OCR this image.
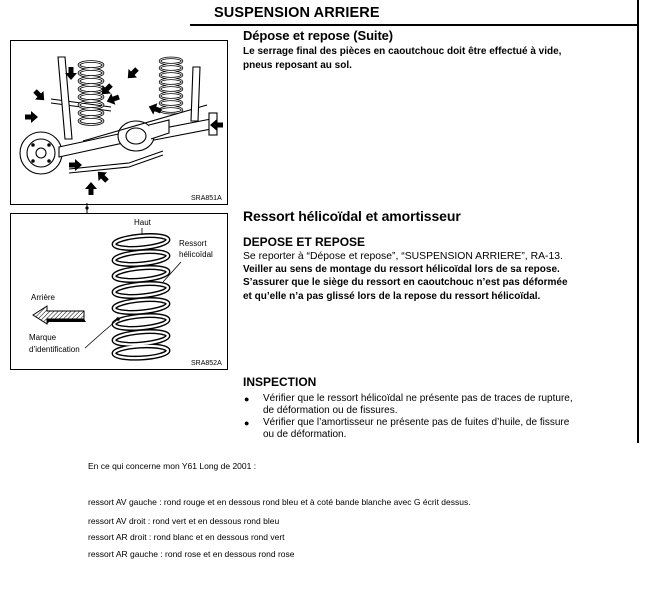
SUSPENSION ARRIERE
Dépose et repose (Suite)
Le serrage final des pièces en caoutchouc doit être effectué à vide,
pneus reposant au sol.
SRA851A
Haut
Ressort
hélicoïdal
Arrière
Marque
d’identification
SRA852A
Ressort hélicoïdal et amortisseur
DEPOSE ET REPOSE
Se reporter à “Dépose et repose”, “SUSPENSION ARRIERE”, RA-13.
Veiller au sens de montage du ressort hélicoïdal lors de sa repose.
S’assurer que le siège du ressort en caoutchouc n’est pas déformée
et qu’elle n’a pas glissé lors de la repose du ressort hélicoïdal.
INSPECTION
● Vérifier que le ressort hélicoïdal ne présente pas de traces de rupture,
de déformation ou de fissures.
● Vérifier que l’amortisseur ne présente pas de fuites d’huile, de fissure
ou de déformation.
En ce qui concerne mon Y61 Long de 2001 :
ressort AV gauche : rond rouge et en dessous rond bleu et à coté bande blanche avec G écrit dessus.
ressort AV droit : rond vert et en dessous rond bleu
ressort AR droit : rond blanc et en dessous rond vert
ressort AR gauche : rond rose et en dessous rond rose
